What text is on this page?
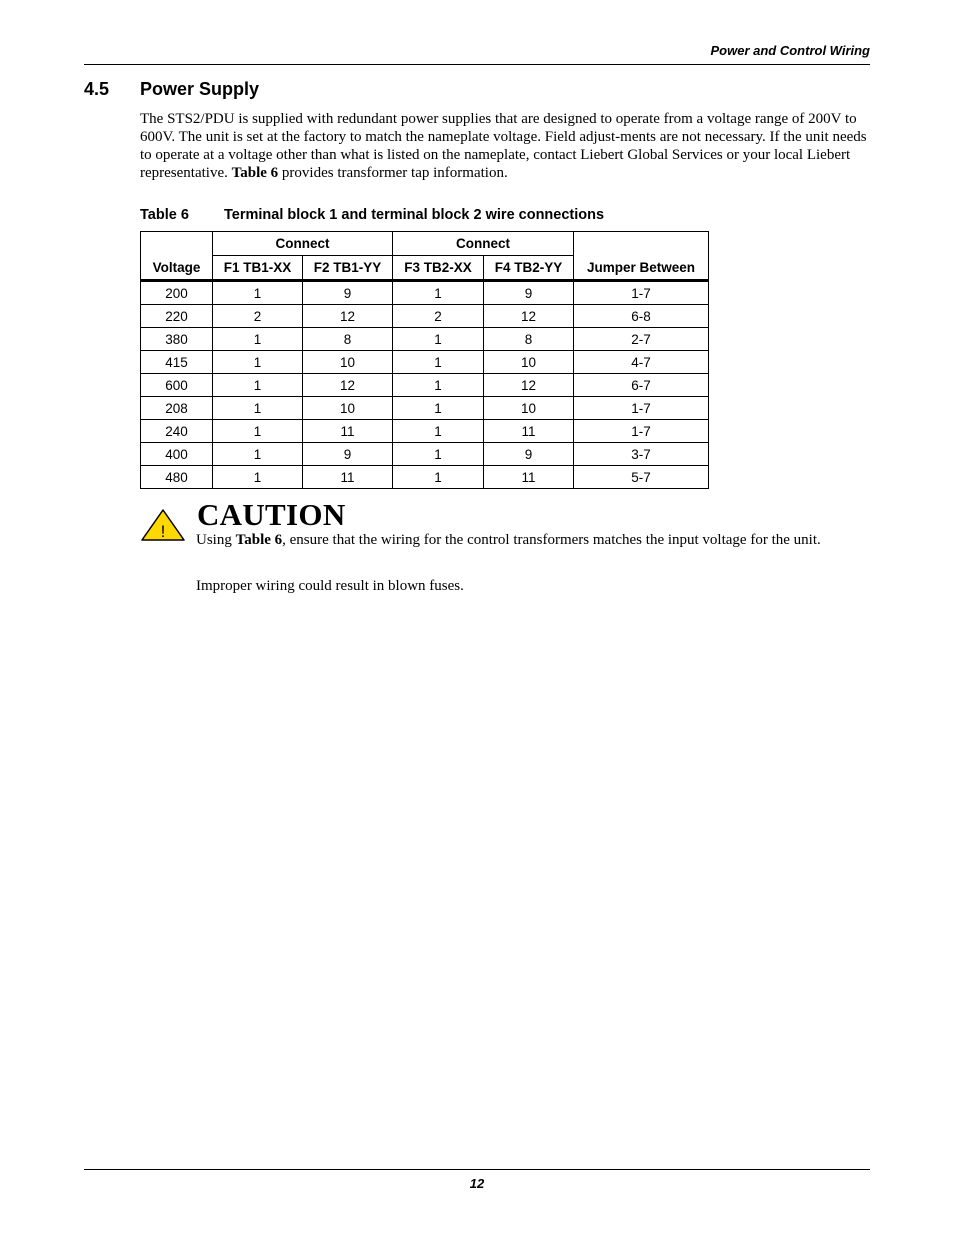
Power and Control Wiring
4.5 Power Supply

The STS2/PDU is supplied with redundant power supplies that are designed to operate from a voltage range of 200V to 600V. The unit is set at the factory to match the nameplate voltage. Field adjust-ments are not necessary. If the unit needs to operate at a voltage other than what is listed on the nameplate, contact Liebert Global Services or your local Liebert representative. Table 6 provides transformer tap information.

Table 6 Terminal block 1 and terminal block 2 wire connections
Voltage	Connect		Connect		Jumper Between
	F1 TB1-XX	F2 TB1-YY	F3 TB2-XX	F4 TB2-YY	
200	1	9	1	9	1-7
220	2	12	2	12	6-8
380	1	8	1	8	2-7
415	1	10	1	10	4-7
600	1	12	1	12	6-7
208	1	10	1	10	1-7
240	1	11	1	11	1-7
400	1	9	1	9	3-7
480	1	11	1	11	5-7
! CAUTION

Using Table 6, ensure that the wiring for the control transformers matches the input voltage for the unit.

Improper wiring could result in blown fuses.

12
